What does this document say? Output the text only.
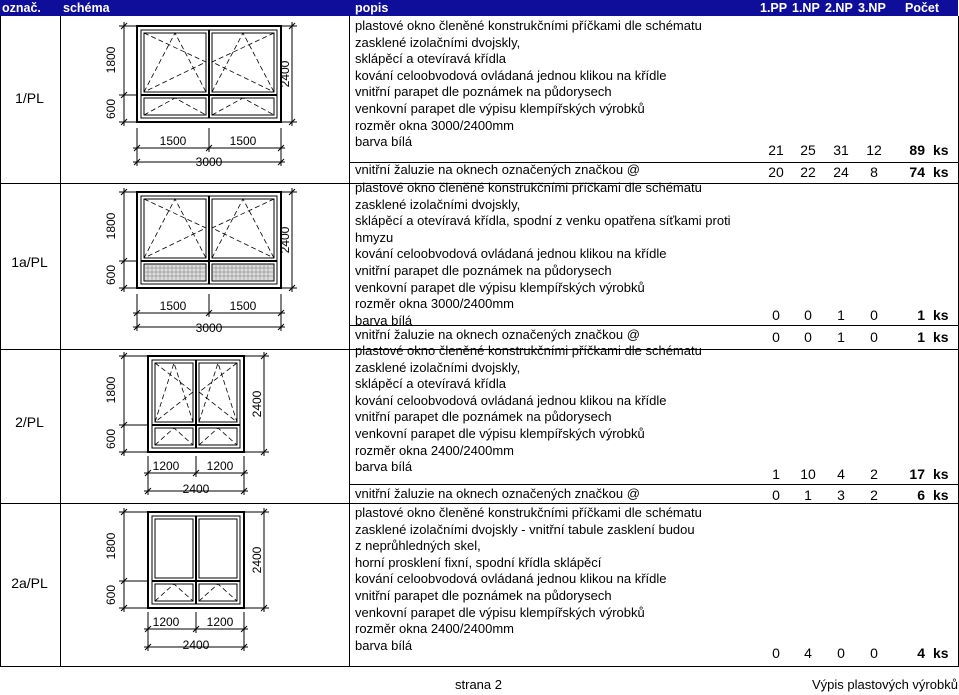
označ. schéma	popis	1.PP 1.NP 2.NP 3.NP Počet
1800
600
2400
1500	1500
3000
1800
600
2400
1500	1500
3000
1800
600
2400
1200 1200
2400
1800
600
2400
1200 1200
2400
1/PL
plastové okno členěné konstrukčními příčkami dle schématu
zasklené izolačními dvojskly,
sklápěcí a otevíravá křídla
kování celoobvodová ovládaná jednou klikou na křídle
vnitřní parapet dle poznámek na půdorysech
venkovní parapet dle výpisu klempířských výrobků
rozměr okna 3000/2400mm
barva bílá
21	25	31	12	89 ks
vnitřní žaluzie na oknech označených značkou @	20	22	24	8	74 ks
1a/PL
plastové okno členěné konstrukčními příčkami dle schématu
zasklené izolačními dvojskly,
sklápěcí a otevíravá křídla, spodní z venku opatřena síťkami proti
hmyzu
kování celoobvodová ovládaná jednou klikou na křídle
vnitřní parapet dle poznámek na půdorysech
venkovní parapet dle výpisu klempířských výrobků
rozměr okna 3000/2400mm
barva bílá	0	0	1	0	1 ks
vnitřní žaluzie na oknech označených značkou @	0	0	1	0	1 ks
2/PL
plastové okno členěné konstrukčními příčkami dle schématu
zasklené izolačními dvojskly,
sklápěcí a otevíravá křídla
kování celoobvodová ovládaná jednou klikou na křídle
vnitřní parapet dle poznámek na půdorysech
venkovní parapet dle výpisu klempířských výrobků
rozměr okna 2400/2400mm
barva bílá	1	10	4	2	17 ks
vnitřní žaluzie na oknech označených značkou @	0	1	3	2	6 ks
2a/PL
plastové okno členěné konstrukčními příčkami dle schématu
zasklené izolačními dvojskly - vnitřní tabule zasklení budou
z neprůhledných skel,
horní prosklení fixní, spodní křídla sklápěcí
kování celoobvodová ovládaná jednou klikou na křídle
vnitřní parapet dle poznámek na půdorysech
venkovní parapet dle výpisu klempířských výrobků
rozměr okna 2400/2400mm
barva bílá	0	4	0	0	4 ks
strana 2	Výpis plastových výrobků
